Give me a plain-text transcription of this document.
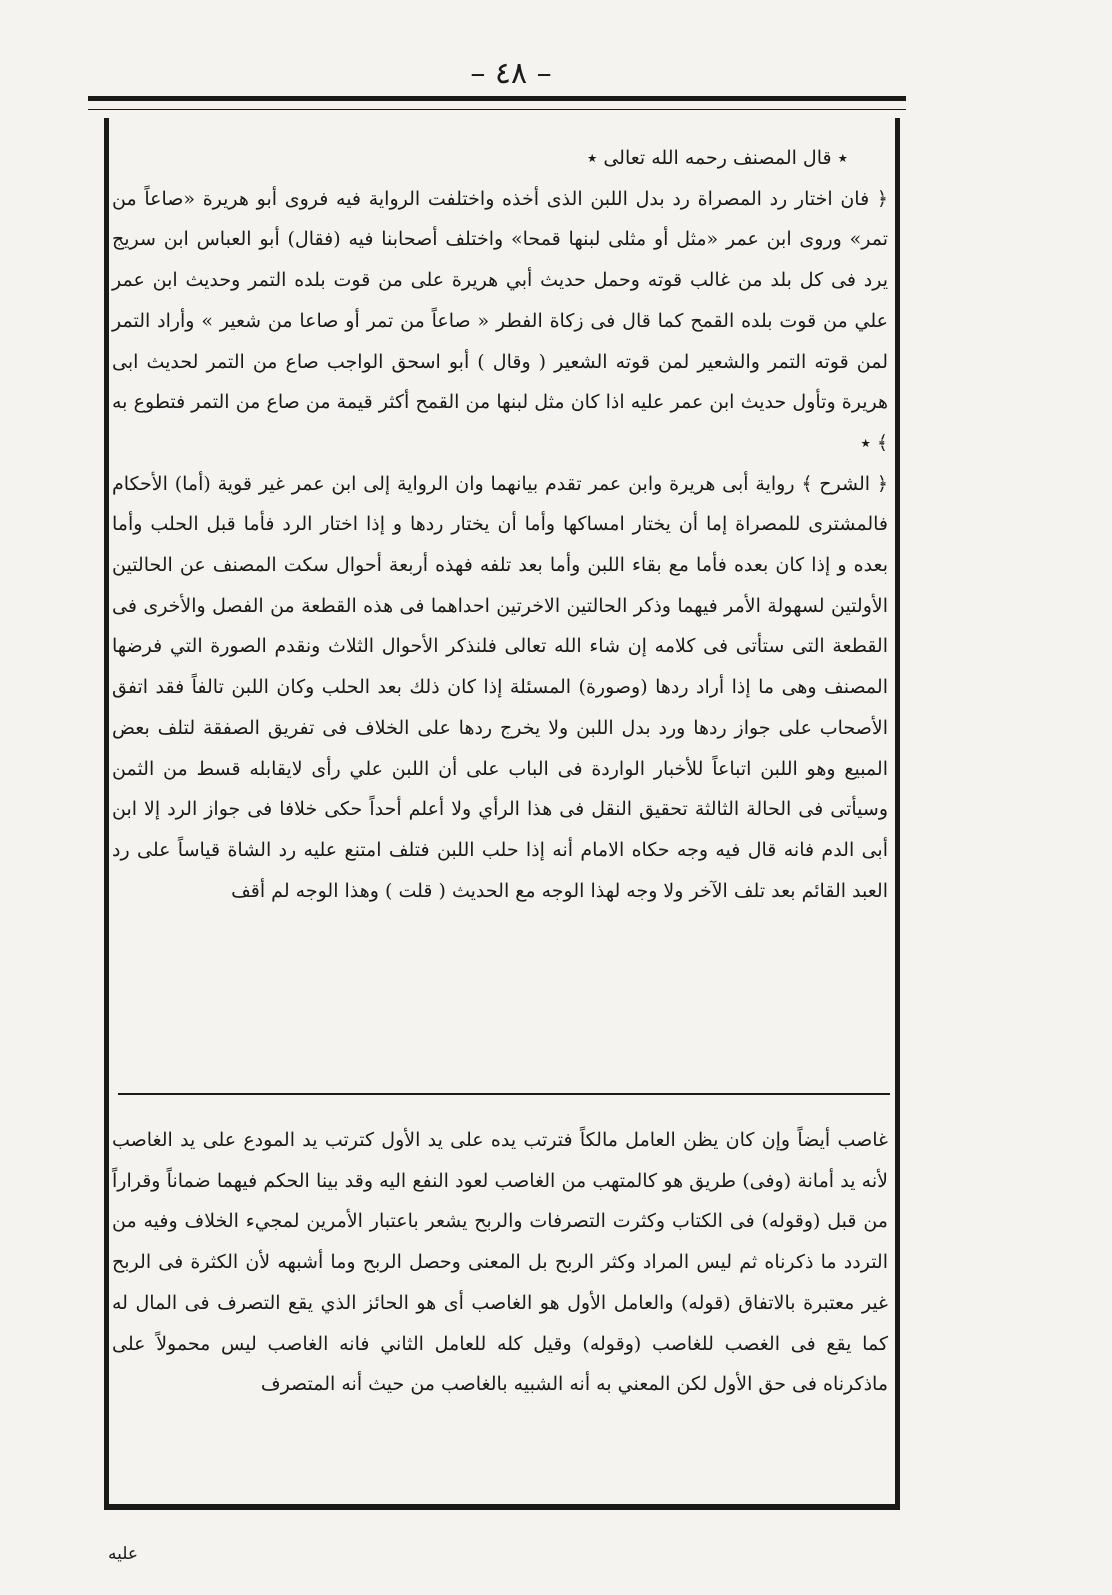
– ٤٨ –

٭ قال المصنف رحمه الله تعالى ٭

﴿ فان اختار رد المصراة رد بدل اللبن الذى أخذه واختلفت الرواية فيه فروى أبو هريرة «صاعاً من تمر» وروى ابن عمر «مثل أو مثلى لبنها قمحا» واختلف أصحابنا فيه (فقال) أبو العباس ابن سريج يرد فى كل بلد من غالب قوته وحمل حديث أبي هريرة على من قوت بلده التمر وحديث ابن عمر علي من قوت بلده القمح كما قال فى زكاة الفطر « صاعاً من تمر أو صاعا من شعير » وأراد التمر لمن قوته التمر والشعير لمن قوته الشعير ( وقال ) أبو اسحق الواجب صاع من التمر لحديث ابى هريرة وتأول حديث ابن عمر عليه اذا كان مثل لبنها من القمح أكثر قيمة من صاع من التمر فتطوع به ﴾ ٭

﴿ الشرح ﴾ رواية أبى هريرة وابن عمر تقدم بيانهما وان الرواية إلى ابن عمر غير قوية (أما) الأحكام فالمشترى للمصراة إما أن يختار امساكها وأما أن يختار ردها و إذا اختار الرد فأما قبل الحلب وأما بعده و إذا كان بعده فأما مع بقاء اللبن وأما بعد تلفه فهذه أربعة أحوال سكت المصنف عن الحالتين الأولتين لسهولة الأمر فيهما وذكر الحالتين الاخرتين احداهما فى هذه القطعة من الفصل والأخرى فى القطعة التى ستأتى فى كلامه إن شاء الله تعالى فلنذكر الأحوال الثلاث ونقدم الصورة التي فرضها المصنف وهى ما إذا أراد ردها (وصورة) المسئلة إذا كان ذلك بعد الحلب وكان اللبن تالفاً فقد اتفق الأصحاب على جواز ردها ورد بدل اللبن ولا يخرج ردها على الخلاف فى تفريق الصفقة لتلف بعض المبيع وهو اللبن اتباعاً للأخبار الواردة فى الباب على أن اللبن علي رأى لايقابله قسط من الثمن وسيأتى فى الحالة الثالثة تحقيق النقل فى هذا الرأي ولا أعلم أحداً حكى خلافا فى جواز الرد إلا ابن أبى الدم فانه قال فيه وجه حكاه الامام أنه إذا حلب اللبن فتلف امتنع عليه رد الشاة قياساً على رد العبد القائم بعد تلف الآخر ولا وجه لهذا الوجه مع الحديث ( قلت ) وهذا الوجه لم أقف

غاصب أيضاً وإن كان يظن العامل مالكاً فترتب يده على يد الأول كترتب يد المودع على يد الغاصب لأنه يد أمانة (وفى) طريق هو كالمتهب من الغاصب لعود النفع اليه وقد بينا الحكم فيهما ضماناً وقراراً من قبل (وقوله) فى الكتاب وكثرت التصرفات والربح يشعر باعتبار الأمرين لمجيء الخلاف وفيه من التردد ما ذكرناه ثم ليس المراد وكثر الربح بل المعنى وحصل الربح وما أشبهه لأن الكثرة فى الربح غير معتبرة بالاتفاق (قوله) والعامل الأول هو الغاصب أى هو الحائز الذي يقع التصرف فى المال له كما يقع فى الغصب للغاصب (وقوله) وقيل كله للعامل الثاني فانه الغاصب ليس محمولاً على ماذكرناه فى حق الأول لكن المعني به أنه الشبيه بالغاصب من حيث أنه المتصرف

عليه
